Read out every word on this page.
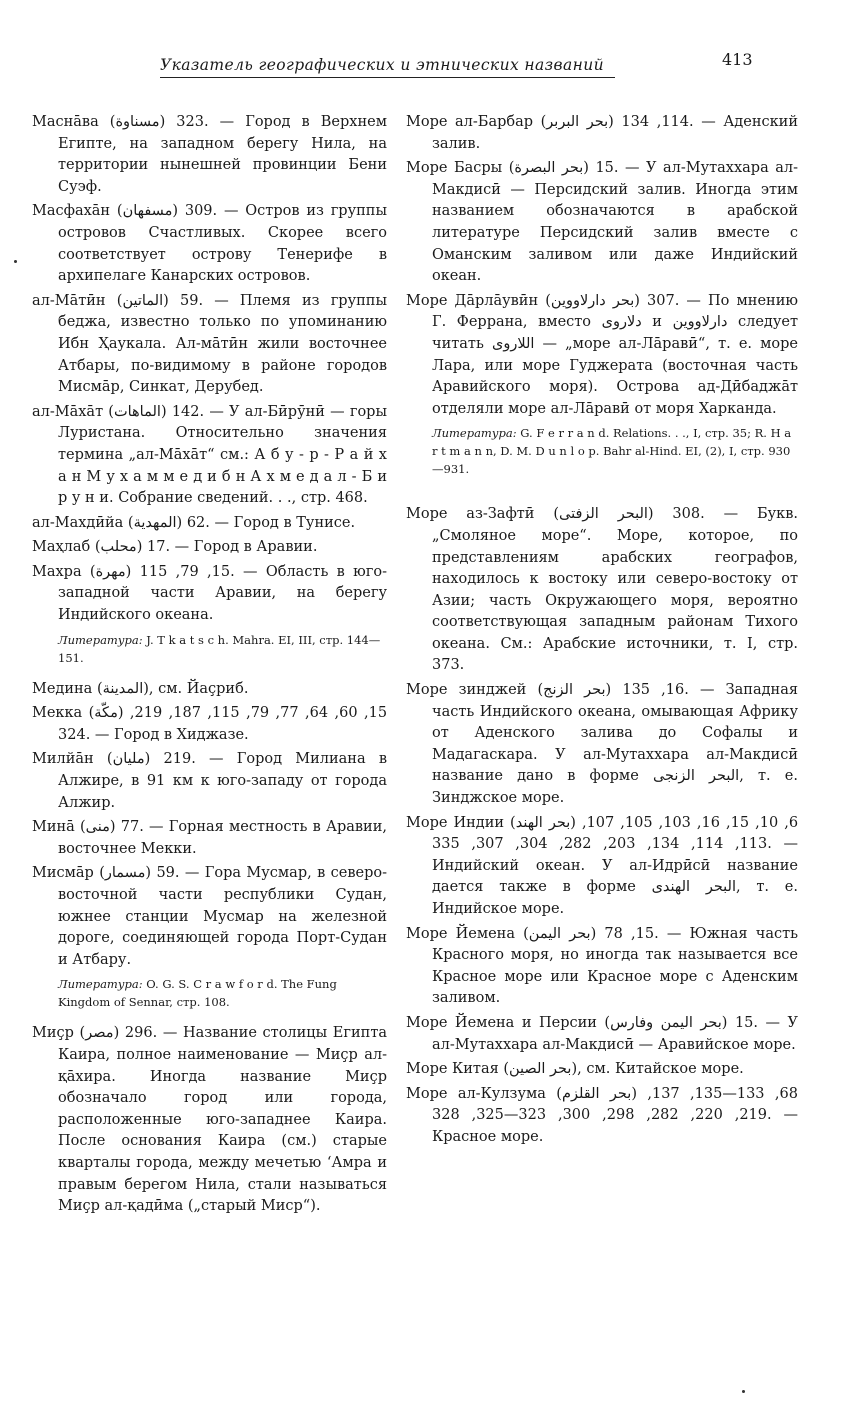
Указатель географических и этнических названий	413

Маснāва (مسناوة) 323. — Город в Верхнем Египте, на западном берегу Нила, на территории нынешней провинции Бени Суэф.

Масфахāн (مسفهان) 309. — Остров из группы островов Счастливых. Скорее всего соответствует острову Тенерифе в архипелаге Канарских островов.

ал-Мāтӣн (الماتين) 59. — Племя из группы беджа, известно только по упоминанию Ибн Ҳаукала. Ал-мāтӣн жили восточнее Атбары, по-видимому в районе городов Мисмāр, Синкат, Дерубед.

ал-Мāхāт (الماهات) 142. — У ал-Бӣрӯнӣ — горы Луристана. Относительно значения термина „ал-Мāхāт“ см.: А б у - р - Р а й х а н М у х а м м е д и б н А х м е д а л - Б и р у н и. Собрание сведений. . ., стр. 468.

ал-Махдӣйа (المهدية) 62. — Город в Тунисе.

Маҳлаб (محلب) 17. — Город в Аравии.

Махра (مهرة) 15, 79, 115. — Область в юго-западной части Аравии, на берегу Индийского океана.

Литература: J. T k a t s c h. Mahra. EI, III, стр. 144—151.

Медина (المدينة), см. Йаҫриб.

Мекка (مكّة) 15, 60, 64, 77, 79, 115, 187, 219, 324. — Город в Хиджазе.

Милйāн (مليان) 219. — Город Милиана в Алжире, в 91 км к юго-западу от города Алжир.

Минā (منى) 77. — Горная местность в Аравии, восточнее Мекки.

Мисмāр (مسمار) 59. — Гора Мусмар, в северо-восточной части республики Судан, южнее станции Мусмар на железной дороге, соединяющей города Порт-Судан и Атбару.

Литература: O. G. S. C r a w f o r d. The Fung Kingdom of Sennar, стр. 108.

Миҫр (مصر) 296. — Название столицы Египта Каира, полное наименование — Миҫр ал-қāхира. Иногда название Миҫр обозначало город или города, расположенные юго-западнее Каира. После основания Каира (см.) старые кварталы города, между мечетью ‘Амра и правым берегом Нила, стали называться Миҫр ал-қадӣма („старый Миср“).

Море ал-Барбар (بحر البربر) 114, 134. — Аденский залив.

Море Басры (بحر البصرة) 15. — У ал-Мутаххара ал-Макдисӣ — Персидский залив. Иногда этим названием обозначаются в арабской литературе Персидский залив вместе с Оманским заливом или даже Индийский океан.

Море Дāрлāувӣн (بحر دارلاووين) 307. — По мнению Г. Феррана, вместо دلاروى и دارلاووين следует читать اللاروى — „море ал-Лāравӣ“, т. е. море Лара, или море Гуджерата (восточная часть Аравийского моря). Острова ад-Дӣбаджāт отделяли море ал-Лāравӣ от моря Харканда.

Литература: G. F e r r a n d. Relations. . ., I, стр. 35; R. H a r t m a n n, D. M. D u n l o p. Bahr al-Hind. EI, (2), I, стр. 930—931.

Море аз-Зафтӣ (البحر الزفتى) 308. — Букв. „Смоляное море“. Море, которое, по представлениям арабских географов, находилось к востоку или северо-востоку от Азии; часть Окружающего моря, вероятно соответствующая западным районам Тихого океана. См.: Арабские источники, т. I, стр. 373.

Море зинджей (بحر الزنج) 16, 135. — Западная часть Индийского океана, омывающая Африку от Аденского залива до Софалы и Мадагаскара. У ал-Мутаххара ал-Макдисӣ название дано в форме البحر الزنجى, т. е. Зинджское море.

Море Индии (بحر الهند) 6, 10, 15, 16, 103, 105, 107, 113, 114, 134, 203, 282, 304, 307, 335. — Индийский океан. У ал-Идрӣсӣ название дается также в форме البحر الهندى, т. е. Индийское море.

Море Йемена (بحر اليمن) 15, 78. — Южная часть Красного моря, но иногда так называется все Красное море или Красное море с Аденским заливом.

Море Йемена и Персии (بحر اليمن وفارس) 15. — У ал-Мутаххара ал-Макдисӣ — Аравийское море.

Море Китая (بحر الصين), см. Китайское море.

Море ал-Кулзума (بحر القلزم) 68, 133—135, 137, 219, 220, 282, 298, 300, 323—325, 328. — Красное море.
